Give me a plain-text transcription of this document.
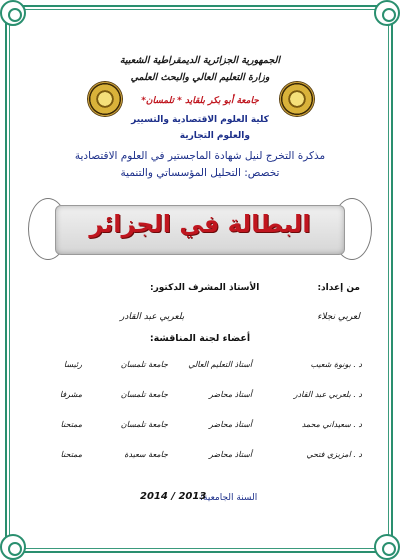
الجمهورية الجزائرية الديمقراطية الشعبية
وزارة التعليم العالي والبحث العلمي
جامعة أبو بكر بلقايد * تلمسان*
كلية العلوم الاقتصادية والتسيير
والعلوم التجارية
مذكرة التخرج لنيل شهادة الماجستير في العلوم الاقتصادية
تخصص: التحليل المؤسساتي والتنمية
البطالة في الجزائر
من إعداد:
الأستاذ المشرف الدكتور:
لعربي نجلاء
بلعربي عبد القادر
أعضاء لجنة المناقشة:
د . بونوة شعيب
أستاذ التعليم العالي
جامعة تلمسان
رئيسا
د . بلعربي عبد القادر
أستاذ محاضر
جامعة تلمسان
مشرفا
د . سعيداني محمد
أستاذ محاضر
جامعة تلمسان
ممتحنا
د . امزيزي فتحي
أستاذ محاضر
جامعة سعيدة
ممتحنا
السنة الجامعية:
2014 / 2013
